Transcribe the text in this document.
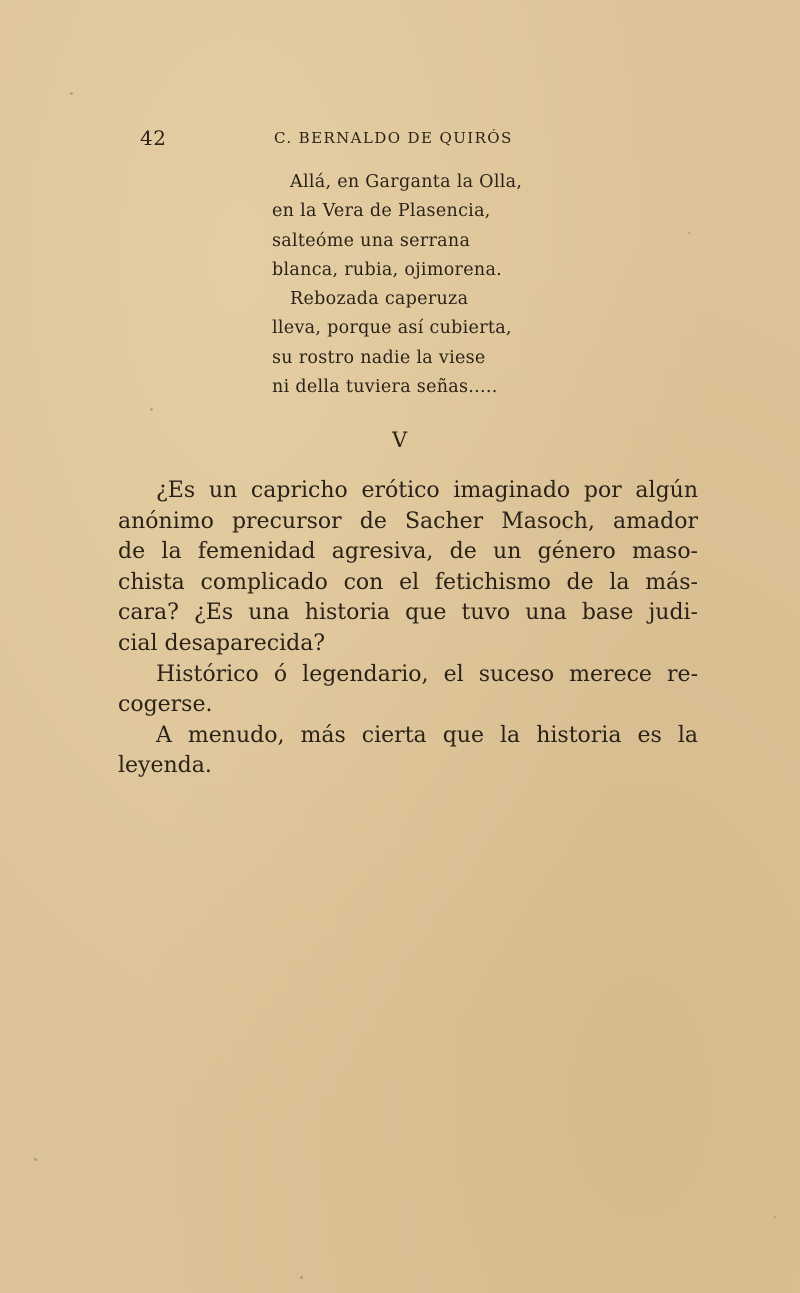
42	C. BERNALDO DE QUIRÓS
Allá, en Garganta la Olla,
en la Vera de Plasencia,
salteóme una serrana
blanca, rubia, ojimorena.
Rebozada caperuza
lleva, porque así cubierta,
su rostro nadie la viese
ni della tuviera señas.....
V
¿Es un capricho erótico imaginado por algún
anónimo precursor de Sacher Masoch, amador
de la femenidad agresiva, de un género maso-
chista complicado con el fetichismo de la más-
cara? ¿Es una historia que tuvo una base judi-
cial desaparecida?
Histórico ó legendario, el suceso merece re-
cogerse.
A menudo, más cierta que la historia es la
leyenda.
